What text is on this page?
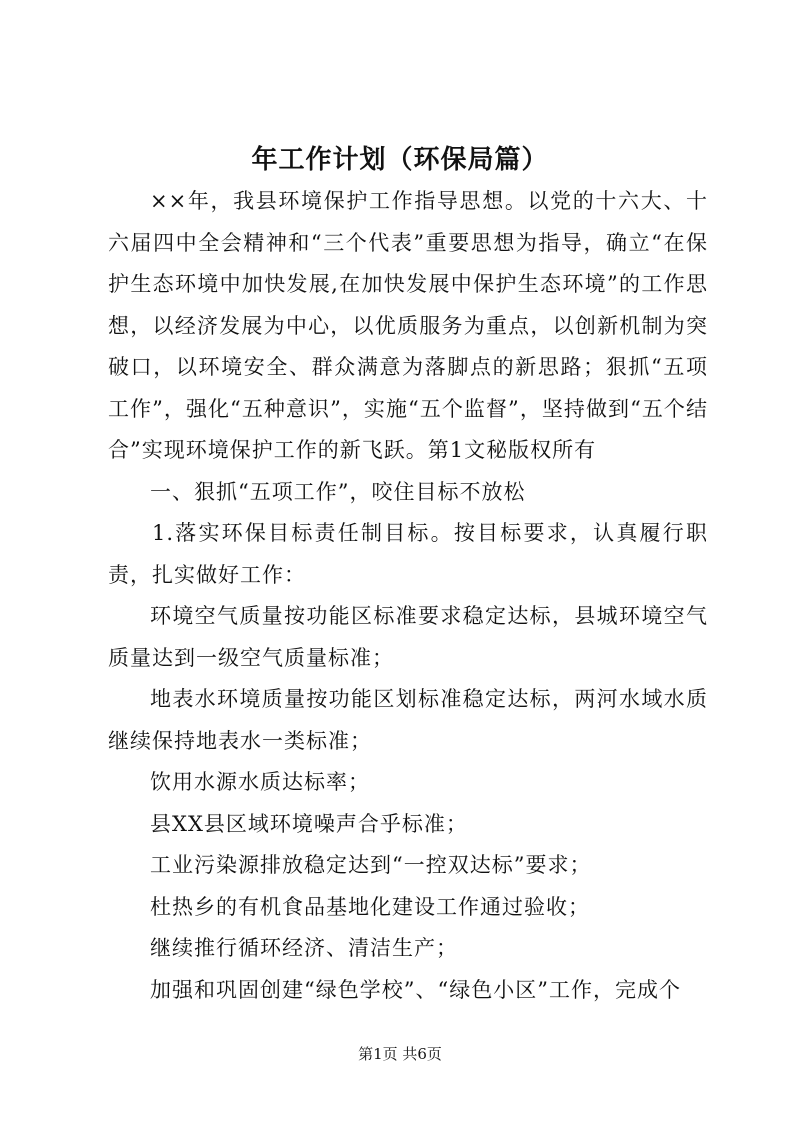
年工作计划（环保局篇）

××年，我县环境保护工作指导思想。以党的十六大、十六届四中全会精神和“三个代表”重要思想为指导，确立“在保护生态环境中加快发展,在加快发展中保护生态环境”的工作思想，以经济发展为中心，以优质服务为重点，以创新机制为突破口，以环境安全、群众满意为落脚点的新思路；狠抓“五项工作”，强化“五种意识”，实施“五个监督”，坚持做到“五个结合”实现环境保护工作的新飞跃。第1文秘版权所有

一、狠抓“五项工作”，咬住目标不放松

1.落实环保目标责任制目标。按目标要求，认真履行职责，扎实做好工作：

环境空气质量按功能区标准要求稳定达标，县城环境空气质量达到一级空气质量标准；

地表水环境质量按功能区划标准稳定达标，两河水域水质继续保持地表水一类标准；

饮用水源水质达标率；

县XX县区域环境噪声合乎标准；

工业污染源排放稳定达到“一控双达标”要求；

杜热乡的有机食品基地化建设工作通过验收；

继续推行循环经济、清洁生产；

加强和巩固创建“绿色学校”、“绿色小区”工作，完成个

第1页 共6页
